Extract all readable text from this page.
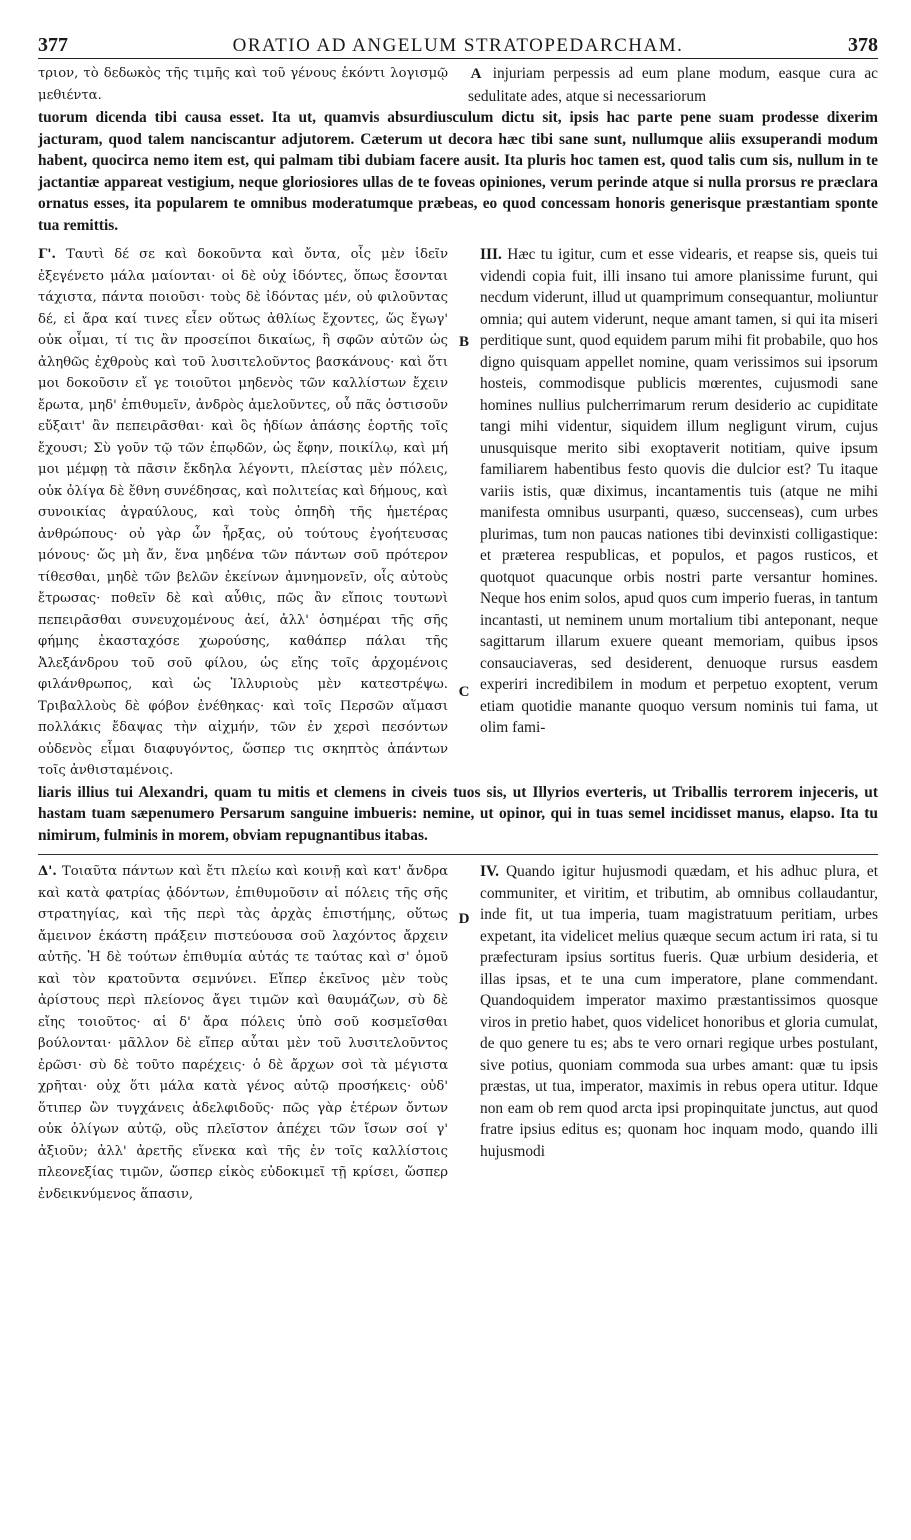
377	ORATIO AD ANGELUM STRATOPEDARCHAM.	378

τριον, τὸ δεδωκὸς τῆς τιμῆς καὶ τοῦ γένους ἑκόντι λογισμῷ μεθιέντα.

A injuriam perpessis ad eum plane modum, easque cura ac sedulitate ades, atque si necessariorum

tuorum dicenda tibi causa esset. Ita ut, quamvis absurdiusculum dictu sit, ipsis hac parte pene suam prodesse dixerim jacturam, quod talem nanciscantur adjutorem. Cæterum ut decora hæc tibi sane sunt, nullumque aliis exsuperandi modum habent, quocirca nemo item est, qui palmam tibi dubiam facere ausit. Ita pluris hoc tamen est, quod talis cum sis, nullum in te jactantiæ appareat vestigium, neque gloriosiores ullas de te foveas opiniones, verum perinde atque si nulla prorsus re præclara ornatus esses, ita popularem te omnibus moderatumque præbeas, eo quod concessam honoris generisque præstantiam sponte tua remittis.

Γ'. Ταυτὶ δέ σε καὶ δοκοῦντα καὶ ὄντα, οἷς μὲν ἰδεῖν ἐξεγένετο μάλα μαίονται· οἱ δὲ οὐχ ἰδόντες, ὅπως ἔσονται τάχιστα, πάντα ποιοῦσι· τοὺς δὲ ἰδόντας μέν, οὐ φιλοῦντας δέ, εἰ ἄρα καί τινες εἶεν οὕτως ἀθλίως ἔχοντες, ὥς ἔγωγ' οὐκ οἶμαι, τί τις ἂν προσείποι δικαίως, ἢ σφῶν αὐτῶν ὡς ἀληθῶς ἐχθροὺς καὶ τοῦ λυσιτελοῦντος βασκάνους· καὶ ὅτι μοι δοκοῦσιν εἴ γε τοιοῦτοι μηδενὸς τῶν καλλίστων ἔχειν ἔρωτα, μηδ' ἐπιθυμεῖν, ἀνδρὸς ἀμελοῦντες, οὗ πᾶς ὁστισοῦν εὔξαιτ' ἂν πεπειρᾶσθαι· καὶ ὃς ἡδίων ἁπάσης ἑορτῆς τοῖς ἔχουσι; Σὺ γοῦν τῷ τῶν ἐπῳδῶν, ὡς ἔφην, ποικίλῳ, καὶ μή μοι μέμφῃ τὰ πᾶσιν ἔκδηλα λέγοντι, πλείστας μὲν πόλεις, οὐκ ὀλίγα δὲ ἔθνη συνέδησας, καὶ πολιτείας καὶ δήμους, καὶ συνοικίας ἀγραύλους, καὶ τοὺς ὁπηδὴ τῆς ἡμετέρας ἀνθρώπους· οὐ γὰρ ὧν ἦρξας, οὐ τούτους ἐγοήτευσας μόνους· ὥς μὴ ἄν, ἕνα μηδένα τῶν πάντων σοῦ πρότερον τίθεσθαι, μηδὲ τῶν βελῶν ἐκείνων ἀμνημονεῖν, οἷς αὐτοὺς ἔτρωσας· ποθεῖν δὲ καὶ αὖθις, πῶς ἂν εἴποις τουτωνὶ πεπειρᾶσθαι συνευχομένους ἀεί, ἀλλ' ὁσημέραι τῆς σῆς φήμης ἑκασταχόσε χωρούσης, καθάπερ πάλαι τῆς Ἀλεξάνδρου τοῦ σοῦ φίλου, ὡς εἴης τοῖς ἀρχομένοις φιλάνθρωπος, καὶ ὡς Ἰλλυριοὺς μὲν κατεστρέψω. Τριβαλλοὺς δὲ φόβον ἐνέθηκας· καὶ τοῖς Περσῶν αἵμασι πολλάκις ἔδαψας τὴν αἰχμήν, τῶν ἐν χερσὶ πεσόντων οὐδενὸς εἶμαι διαφυγόντος, ὥσπερ τις σκηπτὸς ἁπάντων τοῖς ἀνθισταμένοις.
B
C
III. Hæc tu igitur, cum et esse videaris, et reapse sis, queis tui videndi copia fuit, illi insano tui amore planissime furunt, qui necdum viderunt, illud ut quamprimum consequantur, moliuntur omnia; qui autem viderunt, neque amant tamen, si qui ita miseri perditique sunt, quod equidem parum mihi fit probabile, quo hos digno quisquam appellet nomine, quam verissimos sui ipsorum hosteis, commodisque publicis mœrentes, cujusmodi sane homines nullius pulcherrimarum rerum desiderio ac cupiditate tangi mihi videntur, siquidem illum negligunt virum, cujus unusquisque merito sibi exoptaverit notitiam, quive ipsum familiarem habentibus festo quovis die dulcior est? Tu itaque variis istis, quæ diximus, incantamentis tuis (atque ne mihi manifesta omnibus usurpanti, quæso, succenseas), cum urbes plurimas, tum non paucas nationes tibi devinxisti colligastique: et præterea respublicas, et populos, et pagos rusticos, et quotquot quacunque orbis nostri parte versantur homines. Neque hos enim solos, apud quos cum imperio fueras, in tantum incantasti, ut neminem unum mortalium tibi anteponant, neque sagittarum illarum exuere queant memoriam, quibus ipsos consauciaveras, sed desiderent, denuoque rursus easdem experiri incredibilem in modum et perpetuo exoptent, verum etiam quotidie manante quoquo versum nominis tui fama, ut olim fami-

liaris illius tui Alexandri, quam tu mitis et clemens in civeis tuos sis, ut Illyrios everteris, ut Triballis terrorem injeceris, ut hastam tuam sæpenumero Persarum sanguine imbueris: nemine, ut opinor, qui in tuas semel incidisset manus, elapso. Ita tu nimirum, fulminis in morem, obviam repugnantibus itabas.

Δ'. Τοιαῦτα πάντων καὶ ἔτι πλείω καὶ κοινῇ καὶ κατ' ἄνδρα καὶ κατὰ φατρίας ᾀδόντων, ἐπιθυμοῦσιν αἱ πόλεις τῆς σῆς στρατηγίας, καὶ τῆς περὶ τὰς ἀρχὰς ἐπιστήμης, οὕτως ἄμεινον ἑκάστη πράξειν πιστεύουσα σοῦ λαχόντος ἄρχειν αὐτῆς. Ἡ δὲ τούτων ἐπιθυμία αὐτάς τε ταύτας καὶ σ' ὁμοῦ καὶ τὸν κρατοῦντα σεμνύνει. Εἴπερ ἐκεῖνος μὲν τοὺς ἀρίστους περὶ πλείονος ἄγει τιμῶν καὶ θαυμάζων, σὺ δὲ εἴης τοιοῦτος· αἱ δ' ἄρα πόλεις ὑπὸ σοῦ κοσμεῖσθαι βούλονται· μᾶλλον δὲ εἴπερ αὗται μὲν τοῦ λυσιτελοῦντος ἐρῶσι· σὺ δὲ τοῦτο παρέχεις· ὁ δὲ ἄρχων σοὶ τὰ μέγιστα χρῆται· οὐχ ὅτι μάλα κατὰ γένος αὐτῷ προσήκεις· οὐδ' ὅτιπερ ὢν τυγχάνεις ἀδελφιδοῦς· πῶς γὰρ ἑτέρων ὄντων οὐκ ὀλίγων αὐτῷ, οὓς πλεῖστον ἀπέχει τῶν ἴσων σοί γ' ἀξιοῦν; ἀλλ' ἀρετῆς εἵνεκα καὶ τῆς ἐν τοῖς καλλίστοις πλεονεξίας τιμῶν, ὥσπερ εἰκὸς εὐδοκιμεῖ τῇ κρίσει, ὥσπερ ἐνδεικνύμενος ἅπασιν,
D
IV. Quando igitur hujusmodi quædam, et his adhuc plura, et communiter, et viritim, et tributim, ab omnibus collaudantur, inde fit, ut tua imperia, tuam magistratuum peritiam, urbes expetant, ita videlicet melius quæque secum actum iri rata, si tu præfecturam ipsius sortitus fueris. Quæ urbium desideria, et illas ipsas, et te una cum imperatore, plane commendant. Quandoquidem imperator maximo præstantissimos quosque viros in pretio habet, quos videlicet honoribus et gloria cumulat, de quo genere tu es; abs te vero ornari regique urbes postulant, sive potius, quoniam commoda sua urbes amant: quæ tu ipsis præstas, ut tua, imperator, maximis in rebus opera utitur. Idque non eam ob rem quod arcta ipsi propinquitate junctus, aut quod fratre ipsius editus es; quonam hoc inquam modo, quando illi hujusmodi
